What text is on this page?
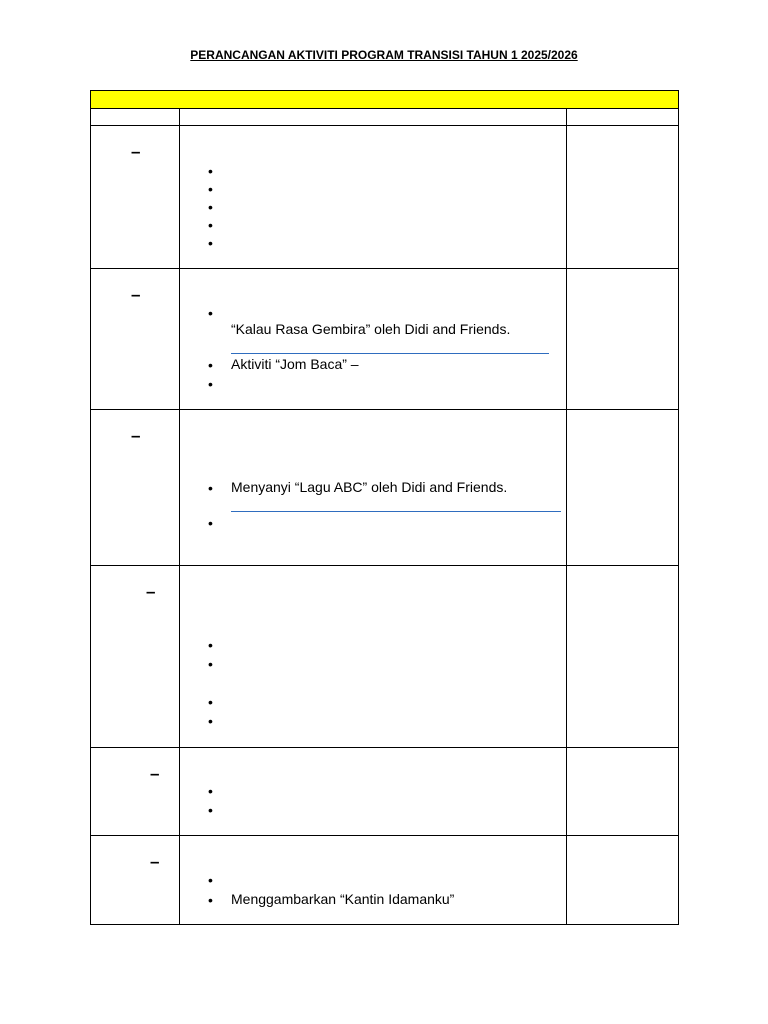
PERANCANGAN AKTIVITI PROGRAM TRANSISI TAHUN 1 2025/2026
–
•
•
•
•
•
–
•
“Kalau Rasa Gembira” oleh Didi and Friends.
• Aktiviti “Jom Baca” –
•
–
• Menyanyi “Lagu ABC” oleh Didi and Friends.
•
–
•
•
•
•
–
•
•
–
•
• Menggambarkan “Kantin Idamanku”
